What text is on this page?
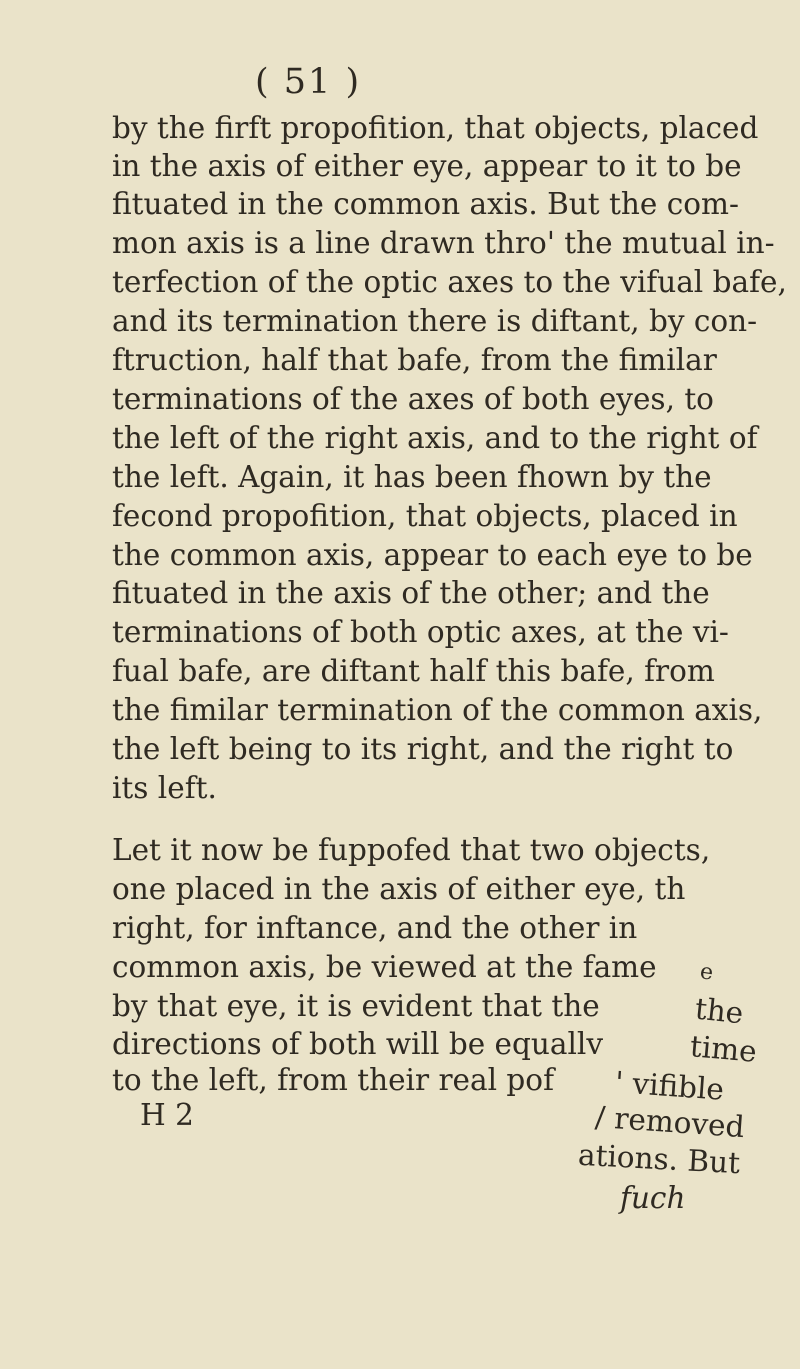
( 51 )
by the firft propofition, that objects, placed
in the axis of either eye, appear to it to be
fituated in the common axis. But the com-
mon axis is a line drawn thro' the mutual in-
terfection of the optic axes to the vifual bafe,
and its termination there is diftant, by con-
ftruction, half that bafe, from the fimilar
terminations of the axes of both eyes, to
the left of the right axis, and to the right of
the left. Again, it has been fhown by the
fecond propofition, that objects, placed in
the common axis, appear to each eye to be
fituated in the axis of the other; and the
terminations of both optic axes, at the vi-
fual bafe, are diftant half this bafe, from
the fimilar termination of the common axis,
the left being to its right, and the right to
its left.
Let it now be fuppofed that two objects,
one placed in the axis of either eye, th
right, for inftance, and the other in
common axis, be viewed at the fame
by that eye, it is evident that the
directions of both will be equallv
to the left, from their real pof
H 2
e
the
time
' vifible
/ removed
ations. But
fuch
